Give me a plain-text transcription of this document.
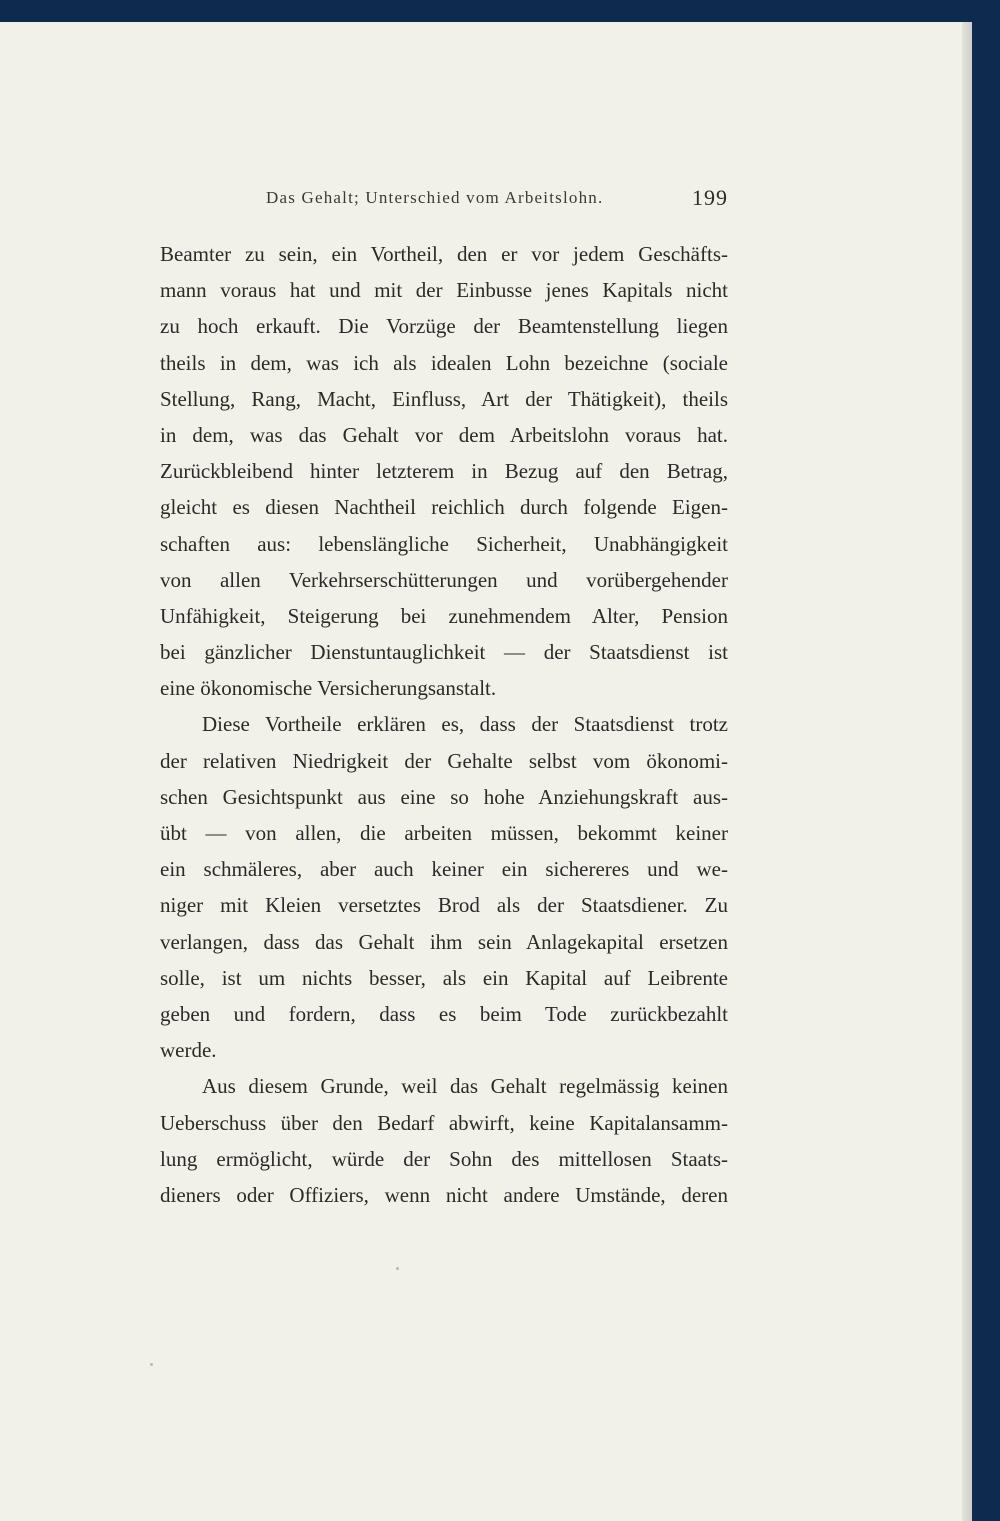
Das Gehalt; Unterschied vom Arbeitslohn.	199
Beamter zu sein, ein Vortheil, den er vor jedem Geschäfts-
mann voraus hat und mit der Einbusse jenes Kapitals nicht
zu hoch erkauft. Die Vorzüge der Beamtenstellung liegen
theils in dem, was ich als idealen Lohn bezeichne (sociale
Stellung, Rang, Macht, Einfluss, Art der Thätigkeit), theils
in dem, was das Gehalt vor dem Arbeitslohn voraus hat.
Zurückbleibend hinter letzterem in Bezug auf den Betrag,
gleicht es diesen Nachtheil reichlich durch folgende Eigen-
schaften aus: lebenslängliche Sicherheit, Unabhängigkeit
von allen Verkehrserschütterungen und vorübergehender
Unfähigkeit, Steigerung bei zunehmendem Alter, Pension
bei gänzlicher Dienstuntauglichkeit — der Staatsdienst ist
eine ökonomische Versicherungsanstalt.
Diese Vortheile erklären es, dass der Staatsdienst trotz
der relativen Niedrigkeit der Gehalte selbst vom ökonomi-
schen Gesichtspunkt aus eine so hohe Anziehungskraft aus-
übt — von allen, die arbeiten müssen, bekommt keiner
ein schmäleres, aber auch keiner ein sichereres und we-
niger mit Kleien versetztes Brod als der Staatsdiener. Zu
verlangen, dass das Gehalt ihm sein Anlagekapital ersetzen
solle, ist um nichts besser, als ein Kapital auf Leibrente
geben und fordern, dass es beim Tode zurückbezahlt
werde.
Aus diesem Grunde, weil das Gehalt regelmässig keinen
Ueberschuss über den Bedarf abwirft, keine Kapitalansamm-
lung ermöglicht, würde der Sohn des mittellosen Staats-
dieners oder Offiziers, wenn nicht andere Umstände, deren
